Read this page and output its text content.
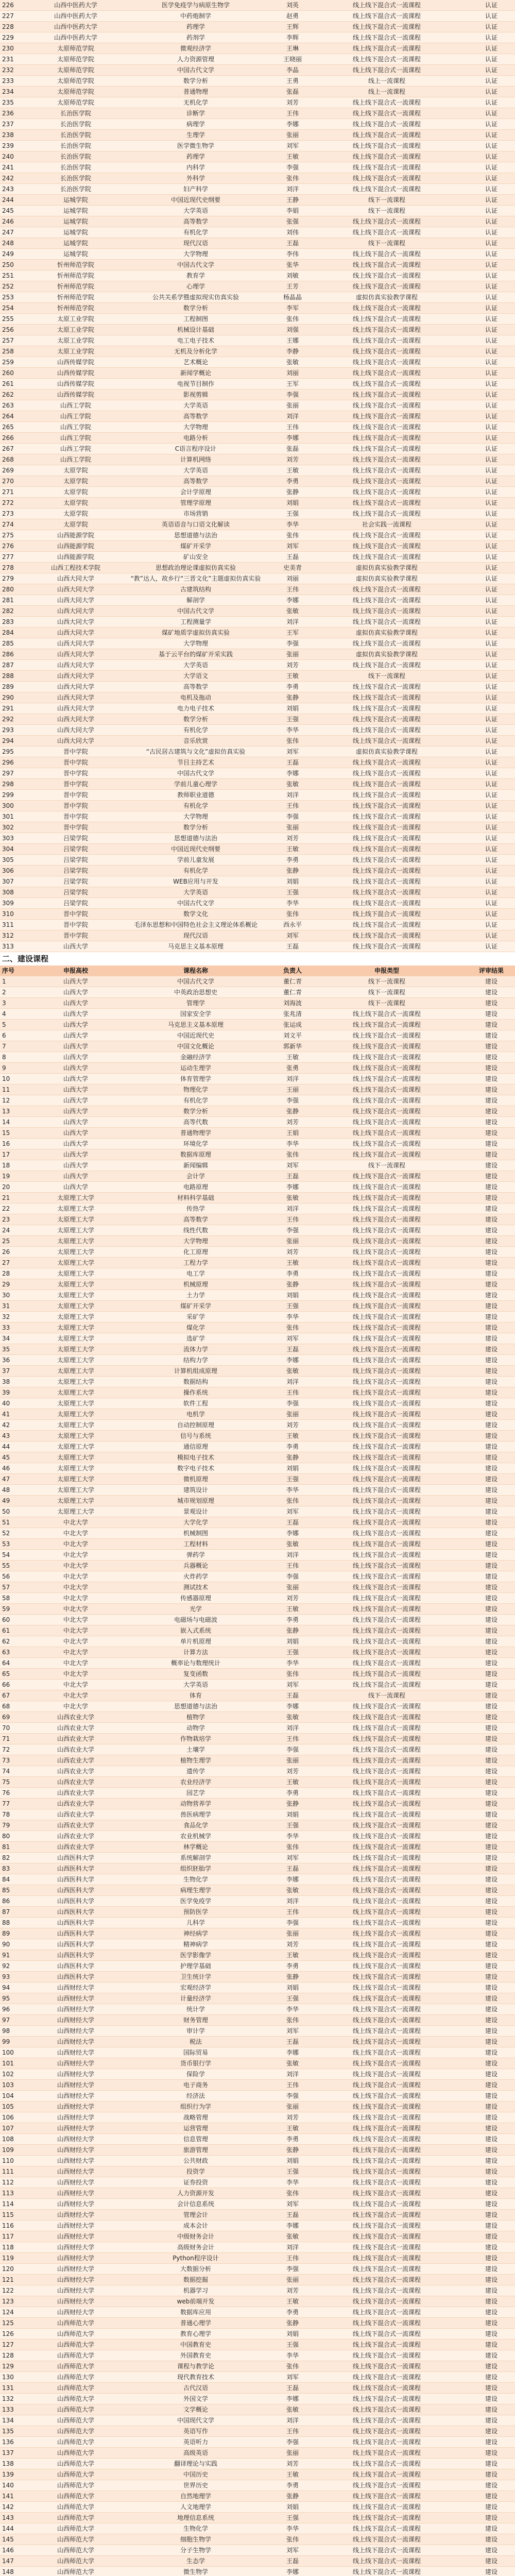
226	山西中医药大学	医学免疫学与病原生物学	刘英	线上线下混合式一流课程	认证
227	山西中医药大学	中药炮制学	赵勇	线上线下混合式一流课程	认证
228	山西中医药大学	药理学	王辉	线上线下混合式一流课程	认证
229	山西中医药大学	药剂学	李辉	线上线下混合式一流课程	认证
230	太原师范学院	微观经济学	王琳	线上线下混合式一流课程	认证
231	太原师范学院	人力资源管理	王晓丽	线上线下混合式一流课程	认证
232	太原师范学院	中国古代文学	李晶	线上线下混合式一流课程	认证
233	太原师范学院	数学分析	王勇	线上一流课程	认证
234	太原师范学院	普通物理	张磊	线上一流课程	认证
235	太原师范学院	无机化学	刘芳	线上线下混合式一流课程	认证
236	长治医学院	诊断学	王伟	线上线下混合式一流课程	认证
237	长治医学院	病理学	李娜	线上线下混合式一流课程	认证
238	长治医学院	生理学	张丽	线上线下混合式一流课程	认证
239	长治医学院	医学微生物学	刘军	线上线下混合式一流课程	认证
240	长治医学院	药理学	王敏	线上线下混合式一流课程	认证
241	长治医学院	内科学	李强	线上线下混合式一流课程	认证
242	长治医学院	外科学	张伟	线上线下混合式一流课程	认证
243	长治医学院	妇产科学	刘洋	线上线下混合式一流课程	认证
244	运城学院	中国近现代史纲要	王静	线下一流课程	认证
245	运城学院	大学英语	李娟	线下一流课程	认证
246	运城学院	高等数学	张强	线上线下混合式一流课程	认证
247	运城学院	有机化学	刘伟	线上线下混合式一流课程	认证
248	运城学院	现代汉语	王磊	线下一流课程	认证
249	运城学院	大学物理	李伟	线上线下混合式一流课程	认证
250	忻州师范学院	中国古代文学	张华	线上线下混合式一流课程	认证
251	忻州师范学院	教育学	刘敏	线上线下混合式一流课程	认证
252	忻州师范学院	心理学	王芳	线上线下混合式一流课程	认证
253	忻州师范学院	公共关系学暨虚拟现实仿真实验	杨晶晶	虚拟仿真实验教学课程	认证
254	忻州师范学院	数学分析	李军	线上线下混合式一流课程	认证
255	太原工业学院	工程制图	张伟	线上线下混合式一流课程	认证
256	太原工业学院	机械设计基础	刘强	线上线下混合式一流课程	认证
257	太原工业学院	电工电子技术	王娜	线上线下混合式一流课程	认证
258	太原工业学院	无机及分析化学	李静	线上线下混合式一流课程	认证
259	山西传媒学院	艺术概论	张敏	线上线下混合式一流课程	认证
260	山西传媒学院	新闻学概论	刘丽	线上线下混合式一流课程	认证
261	山西传媒学院	电视节目制作	王军	线上线下混合式一流课程	认证
262	山西传媒学院	影视剪辑	李强	线上线下混合式一流课程	认证
263	山西工学院	大学英语	张丽	线上线下混合式一流课程	认证
264	山西工学院	高等数学	刘洋	线上线下混合式一流课程	认证
265	山西工学院	大学物理	王伟	线上线下混合式一流课程	认证
266	山西工学院	电路分析	李娜	线上线下混合式一流课程	认证
267	山西工学院	C语言程序设计	张磊	线上线下混合式一流课程	认证
268	山西工学院	计算机网络	刘芳	线上线下混合式一流课程	认证
269	太原学院	大学英语	王敏	线上线下混合式一流课程	认证
270	太原学院	高等数学	李勇	线上线下混合式一流课程	认证
271	太原学院	会计学原理	张静	线上线下混合式一流课程	认证
272	太原学院	管理学原理	刘娟	线上线下混合式一流课程	认证
273	太原学院	市场营销	王强	线上线下混合式一流课程	认证
274	太原学院	英语语音与口语文化解读	李华	社会实践一流课程	认证
275	山西能源学院	思想道德与法治	张伟	线上线下混合式一流课程	认证
276	山西能源学院	煤矿开采学	刘军	线上线下混合式一流课程	认证
277	山西能源学院	矿山安全	王磊	线上线下混合式一流课程	认证
278	山西工程技术学院	思想政治理论课虚拟仿真实验	史美青	虚拟仿真实验教学课程	认证
279	山西大同大学	“教”达人，故乡行“三晋文化”主题虚拟仿真实验	刘丽	虚拟仿真实验教学课程	认证
280	山西大同大学	古建筑结构	王伟	线上线下混合式一流课程	认证
281	山西大同大学	解剖学	李娜	线上线下混合式一流课程	认证
282	山西大同大学	中国古代文学	张敏	线上线下混合式一流课程	认证
283	山西大同大学	工程测量学	刘洋	线上线下混合式一流课程	认证
284	山西大同大学	煤矿地质学虚拟仿真实验	王军	虚拟仿真实验教学课程	认证
285	山西大同大学	大学物理	李强	线上线下混合式一流课程	认证
286	山西大同大学	基于云平台的煤矿开采实践	张丽	虚拟仿真实验教学课程	认证
287	山西大同大学	大学英语	刘芳	线上线下混合式一流课程	认证
288	山西大同大学	大学语文	王敏	线下一流课程	认证
289	山西大同大学	高等数学	李勇	线上线下混合式一流课程	认证
290	山西大同大学	电机及拖动	张静	线上线下混合式一流课程	认证
291	山西大同大学	电力电子技术	刘娟	线上线下混合式一流课程	认证
292	山西大同大学	数学分析	王强	线上线下混合式一流课程	认证
293	山西大同大学	有机化学	李华	线上线下混合式一流课程	认证
294	山西大同大学	音乐欣赏	张伟	线上线下混合式一流课程	认证
295	晋中学院	“古民居古建筑与文化”虚拟仿真实验	刘军	虚拟仿真实验教学课程	认证
296	晋中学院	节目主持艺术	王磊	线上线下混合式一流课程	认证
297	晋中学院	中国古代文学	李娜	线上线下混合式一流课程	认证
298	晋中学院	学前儿童心理学	张敏	线上线下混合式一流课程	认证
299	晋中学院	教师职业道德	刘洋	线上线下混合式一流课程	认证
300	晋中学院	有机化学	王伟	线上线下混合式一流课程	认证
301	晋中学院	大学物理	李强	线上线下混合式一流课程	认证
302	晋中学院	数学分析	张丽	线上线下混合式一流课程	认证
303	吕梁学院	思想道德与法治	刘芳	线上线下混合式一流课程	认证
304	吕梁学院	中国近现代史纲要	王敏	线上线下混合式一流课程	认证
305	吕梁学院	学前儿童发展	李勇	线上线下混合式一流课程	认证
306	吕梁学院	有机化学	张静	线上线下混合式一流课程	认证
307	吕梁学院	WEB应用与开发	刘娟	线上线下混合式一流课程	认证
308	吕梁学院	大学英语	王强	线上线下混合式一流课程	认证
309	吕梁学院	中国古代文学	李华	线上线下混合式一流课程	认证
310	晋中学院	数学文化	张伟	线上线下混合式一流课程	认证
311	晋中学院	毛泽东思想和中国特色社会主义理论体系概论	西永平	线上线下混合式一流课程	认证
312	晋中学院	现代汉语	刘军	线上线下混合式一流课程	认证
313	山西大学	马克思主义基本原理	王磊	线上线下混合式一流课程	认证
二、建设课程
序号	申报高校	课程名称	负责人	申报类型	评审结果
1	山西大学	中国古代文学	董仁青	线下一流课程	建设
2	山西大学	中英政治思想史	董仁青	线下一流课程	建设
3	山西大学	管理学	刘海波	线下一流课程	建设
4	山西大学	国家安全学	张兆清	线上线下混合式一流课程	建设
5	山西大学	马克思主义基本原理	张运成	线上线下混合式一流课程	建设
6	山西大学	中国近现代史	刘文平	线上线下混合式一流课程	建设
7	山西大学	中国文化概论	郭新华	线上线下混合式一流课程	建设
8	山西大学	金融经济学	王敏	线上线下混合式一流课程	建设
9	山西大学	运动生理学	张勇	线上线下混合式一流课程	建设
10	山西大学	体育管理学	刘洋	线上线下混合式一流课程	建设
11	山西大学	物理化学	王丽	线上线下混合式一流课程	建设
12	山西大学	有机化学	李强	线上线下混合式一流课程	建设
13	山西大学	数学分析	张静	线上线下混合式一流课程	建设
14	山西大学	高等代数	刘芳	线上线下混合式一流课程	建设
15	山西大学	普通物理学	王娟	线上线下混合式一流课程	建设
16	山西大学	环境化学	李华	线上线下混合式一流课程	建设
17	山西大学	数据库原理	张伟	线上线下混合式一流课程	建设
18	山西大学	新闻编辑	刘军	线下一流课程	建设
19	山西大学	会计学	王磊	线上线下混合式一流课程	建设
20	山西大学	电路原理	李娜	线上线下混合式一流课程	建设
21	太原理工大学	材料科学基础	张敏	线上线下混合式一流课程	建设
22	太原理工大学	传热学	刘洋	线上线下混合式一流课程	建设
23	太原理工大学	高等数学	王伟	线上线下混合式一流课程	建设
24	太原理工大学	线性代数	李强	线上线下混合式一流课程	建设
25	太原理工大学	大学物理	张丽	线上线下混合式一流课程	建设
26	太原理工大学	化工原理	刘芳	线上线下混合式一流课程	建设
27	太原理工大学	工程力学	王敏	线上线下混合式一流课程	建设
28	太原理工大学	电工学	李勇	线上线下混合式一流课程	建设
29	太原理工大学	机械原理	张静	线上线下混合式一流课程	建设
30	太原理工大学	土力学	刘娟	线上线下混合式一流课程	建设
31	太原理工大学	煤矿开采学	王强	线上线下混合式一流课程	建设
32	太原理工大学	采矿学	李华	线上线下混合式一流课程	建设
33	太原理工大学	煤化学	张伟	线上线下混合式一流课程	建设
34	太原理工大学	选矿学	刘军	线上线下混合式一流课程	建设
35	太原理工大学	流体力学	王磊	线上线下混合式一流课程	建设
36	太原理工大学	结构力学	李娜	线上线下混合式一流课程	建设
37	太原理工大学	计算机组成原理	张敏	线上线下混合式一流课程	建设
38	太原理工大学	数据结构	刘洋	线上线下混合式一流课程	建设
39	太原理工大学	操作系统	王伟	线上线下混合式一流课程	建设
40	太原理工大学	软件工程	李强	线上线下混合式一流课程	建设
41	太原理工大学	电机学	张丽	线上线下混合式一流课程	建设
42	太原理工大学	自动控制原理	刘芳	线上线下混合式一流课程	建设
43	太原理工大学	信号与系统	王敏	线上线下混合式一流课程	建设
44	太原理工大学	通信原理	李勇	线上线下混合式一流课程	建设
45	太原理工大学	模拟电子技术	张静	线上线下混合式一流课程	建设
46	太原理工大学	数字电子技术	刘娟	线上线下混合式一流课程	建设
47	太原理工大学	微机原理	王强	线上线下混合式一流课程	建设
48	太原理工大学	建筑设计	李华	线上线下混合式一流课程	建设
49	太原理工大学	城市规划原理	张伟	线上线下混合式一流课程	建设
50	太原理工大学	景观设计	刘军	线上线下混合式一流课程	建设
51	中北大学	大学化学	王磊	线上线下混合式一流课程	建设
52	中北大学	机械制图	李娜	线上线下混合式一流课程	建设
53	中北大学	工程材料	张敏	线上线下混合式一流课程	建设
54	中北大学	弹药学	刘洋	线上线下混合式一流课程	建设
55	中北大学	兵器概论	王伟	线上线下混合式一流课程	建设
56	中北大学	火炸药学	李强	线上线下混合式一流课程	建设
57	中北大学	测试技术	张丽	线上线下混合式一流课程	建设
58	中北大学	传感器原理	刘芳	线上线下混合式一流课程	建设
59	中北大学	光学	王敏	线上线下混合式一流课程	建设
60	中北大学	电磁场与电磁波	李勇	线上线下混合式一流课程	建设
61	中北大学	嵌入式系统	张静	线上线下混合式一流课程	建设
62	中北大学	单片机原理	刘娟	线上线下混合式一流课程	建设
63	中北大学	计算方法	王强	线上线下混合式一流课程	建设
64	中北大学	概率论与数理统计	李华	线上线下混合式一流课程	建设
65	中北大学	复变函数	张伟	线上线下混合式一流课程	建设
66	中北大学	大学英语	刘军	线上线下混合式一流课程	建设
67	中北大学	体育	王磊	线下一流课程	建设
68	中北大学	思想道德与法治	李娜	线上线下混合式一流课程	建设
69	山西农业大学	植物学	张敏	线上线下混合式一流课程	建设
70	山西农业大学	动物学	刘洋	线上线下混合式一流课程	建设
71	山西农业大学	作物栽培学	王伟	线上线下混合式一流课程	建设
72	山西农业大学	土壤学	李强	线上线下混合式一流课程	建设
73	山西农业大学	植物生理学	张丽	线上线下混合式一流课程	建设
74	山西农业大学	遗传学	刘芳	线上线下混合式一流课程	建设
75	山西农业大学	农业经济学	王敏	线上线下混合式一流课程	建设
76	山西农业大学	园艺学	李勇	线上线下混合式一流课程	建设
77	山西农业大学	动物营养学	张静	线上线下混合式一流课程	建设
78	山西农业大学	兽医病理学	刘娟	线上线下混合式一流课程	建设
79	山西农业大学	食品化学	王强	线上线下混合式一流课程	建设
80	山西农业大学	农业机械学	李华	线上线下混合式一流课程	建设
81	山西农业大学	林学概论	张伟	线上线下混合式一流课程	建设
82	山西医科大学	系统解剖学	刘军	线上线下混合式一流课程	建设
83	山西医科大学	组织胚胎学	王磊	线上线下混合式一流课程	建设
84	山西医科大学	生物化学	李娜	线上线下混合式一流课程	建设
85	山西医科大学	病理生理学	张敏	线上线下混合式一流课程	建设
86	山西医科大学	医学免疫学	刘洋	线上线下混合式一流课程	建设
87	山西医科大学	预防医学	王伟	线上线下混合式一流课程	建设
88	山西医科大学	儿科学	李强	线上线下混合式一流课程	建设
89	山西医科大学	神经病学	张丽	线上线下混合式一流课程	建设
90	山西医科大学	精神病学	刘芳	线上线下混合式一流课程	建设
91	山西医科大学	医学影像学	王敏	线上线下混合式一流课程	建设
92	山西医科大学	护理学基础	李勇	线上线下混合式一流课程	建设
93	山西医科大学	卫生统计学	张静	线上线下混合式一流课程	建设
94	山西财经大学	宏观经济学	刘娟	线上线下混合式一流课程	建设
95	山西财经大学	计量经济学	王强	线上线下混合式一流课程	建设
96	山西财经大学	统计学	李华	线上线下混合式一流课程	建设
97	山西财经大学	财务管理	张伟	线上线下混合式一流课程	建设
98	山西财经大学	审计学	刘军	线上线下混合式一流课程	建设
99	山西财经大学	税法	王磊	线上线下混合式一流课程	建设
100	山西财经大学	国际贸易	李娜	线上线下混合式一流课程	建设
101	山西财经大学	货币银行学	张敏	线上线下混合式一流课程	建设
102	山西财经大学	保险学	刘洋	线上线下混合式一流课程	建设
103	山西财经大学	电子商务	王伟	线上线下混合式一流课程	建设
104	山西财经大学	经济法	李强	线上线下混合式一流课程	建设
105	山西财经大学	组织行为学	张丽	线上线下混合式一流课程	建设
106	山西财经大学	战略管理	刘芳	线上线下混合式一流课程	建设
107	山西财经大学	运营管理	王敏	线上线下混合式一流课程	建设
108	山西财经大学	信息管理	李勇	线上线下混合式一流课程	建设
109	山西财经大学	旅游管理	张静	线上线下混合式一流课程	建设
110	山西财经大学	公共财政	刘娟	线上线下混合式一流课程	建设
111	山西财经大学	投资学	王强	线上线下混合式一流课程	建设
112	山西财经大学	证券投资	李华	线上线下混合式一流课程	建设
113	山西财经大学	人力资源开发	张伟	线上线下混合式一流课程	建设
114	山西财经大学	会计信息系统	刘军	线上线下混合式一流课程	建设
115	山西财经大学	管理会计	王磊	线上线下混合式一流课程	建设
116	山西财经大学	成本会计	李娜	线上线下混合式一流课程	建设
117	山西财经大学	中级财务会计	张敏	线上线下混合式一流课程	建设
118	山西财经大学	高级财务会计	刘洋	线上线下混合式一流课程	建设
119	山西财经大学	Python程序设计	王伟	线上线下混合式一流课程	建设
120	山西财经大学	大数据分析	李强	线上线下混合式一流课程	建设
121	山西财经大学	数据挖掘	张丽	线上线下混合式一流课程	建设
122	山西财经大学	机器学习	刘芳	线上线下混合式一流课程	建设
123	山西财经大学	web前端开发	王敏	线上线下混合式一流课程	建设
124	山西财经大学	数据库应用	李勇	线上线下混合式一流课程	建设
125	山西师范大学	普通心理学	张静	线上线下混合式一流课程	建设
126	山西师范大学	教育心理学	刘娟	线上线下混合式一流课程	建设
127	山西师范大学	中国教育史	王强	线上线下混合式一流课程	建设
128	山西师范大学	外国教育史	李华	线上线下混合式一流课程	建设
129	山西师范大学	课程与教学论	张伟	线上线下混合式一流课程	建设
130	山西师范大学	现代教育技术	刘军	线上线下混合式一流课程	建设
131	山西师范大学	古代汉语	王磊	线上线下混合式一流课程	建设
132	山西师范大学	外国文学	李娜	线上线下混合式一流课程	建设
133	山西师范大学	文学概论	张敏	线上线下混合式一流课程	建设
134	山西师范大学	中国现代文学	刘洋	线上线下混合式一流课程	建设
135	山西师范大学	英语写作	王伟	线上线下混合式一流课程	建设
136	山西师范大学	英语听力	李强	线上线下混合式一流课程	建设
137	山西师范大学	高级英语	张丽	线上线下混合式一流课程	建设
138	山西师范大学	翻译理论与实践	刘芳	线上线下混合式一流课程	建设
139	山西师范大学	中国历史	王敏	线上线下混合式一流课程	建设
140	山西师范大学	世界历史	李勇	线上线下混合式一流课程	建设
141	山西师范大学	自然地理学	张静	线上线下混合式一流课程	建设
142	山西师范大学	人文地理学	刘娟	线上线下混合式一流课程	建设
143	山西师范大学	地理信息系统	王强	线上线下混合式一流课程	建设
144	山西师范大学	生物化学	李华	线上线下混合式一流课程	建设
145	山西师范大学	细胞生物学	张伟	线上线下混合式一流课程	建设
146	山西师范大学	分子生物学	刘军	线上线下混合式一流课程	建设
147	山西师范大学	生态学	王磊	线上线下混合式一流课程	建设
148	山西师范大学	微生物学	李娜	线上线下混合式一流课程	建设
